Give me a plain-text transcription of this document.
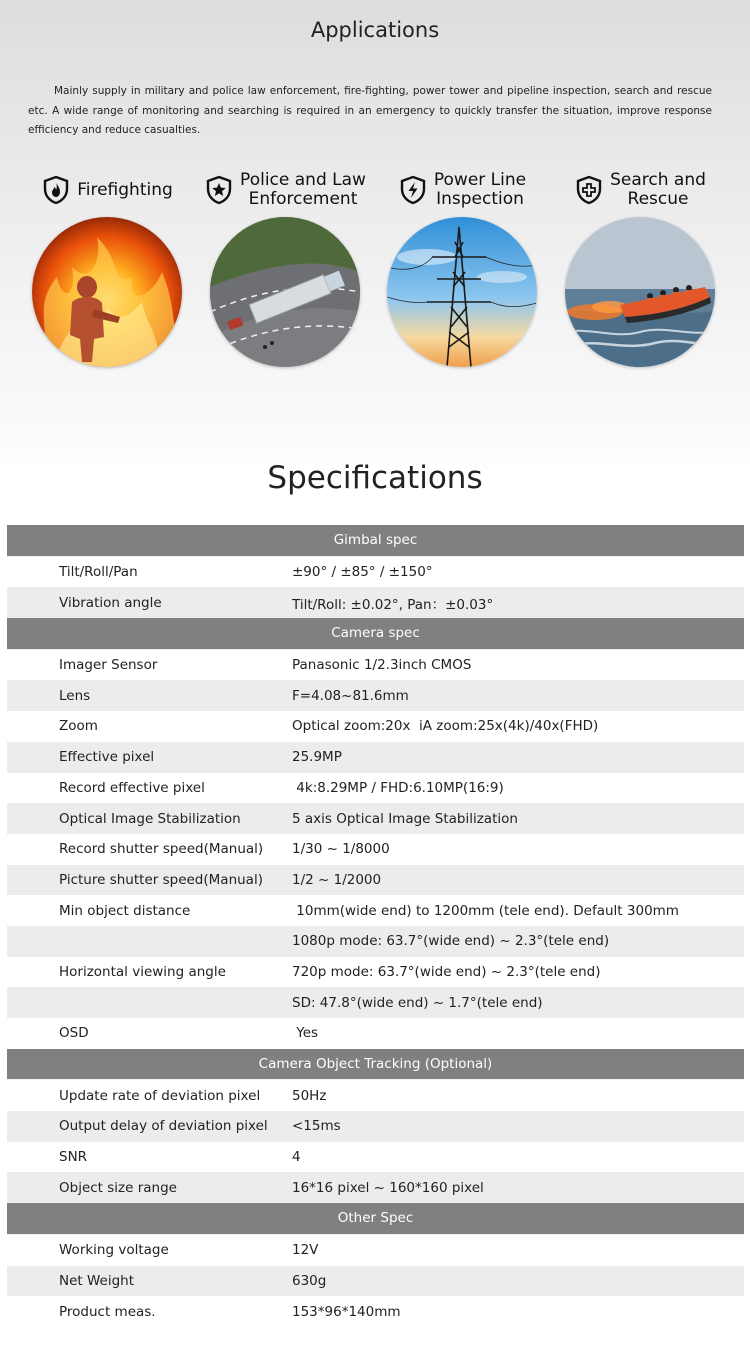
Applications

Mainly supply in military and police law enforcement, fire-fighting, power tower and pipeline inspection, search and rescue etc. A wide range of monitoring and searching is required in an emergency to quickly transfer the situation, improve response efficiency and reduce casualties.

Firefighting	Police and Law
Enforcement
Power Line
Inspection
Search and
Rescue
Specifications
Gimbal spec	
Tilt/Roll/Pan	±90° / ±85° / ±150°
Vibration angle	Tilt/Roll: ±0.02°, Pan：±0.03°
Camera spec	
Imager Sensor	Panasonic 1/2.3inch CMOS
Lens	F=4.08~81.6mm
Zoom	Optical zoom:20x  iA zoom:25x(4k)/40x(FHD)
Effective pixel	25.9MP
Record effective pixel	4k:8.29MP / FHD:6.10MP(16:9)
Optical Image Stabilization	5 axis Optical Image Stabilization
Record shutter speed(Manual)	1/30 ~ 1/8000
Picture shutter speed(Manual)	1/2 ~ 1/2000
Min object distance	10mm(wide end) to 1200mm (tele end). Default 300mm
	1080p mode: 63.7°(wide end) ~ 2.3°(tele end)
Horizontal viewing angle	720p mode: 63.7°(wide end) ~ 2.3°(tele end)
	SD: 47.8°(wide end) ~ 1.7°(tele end)
OSD	Yes
Camera Object Tracking (Optional)	
Update rate of deviation pixel	50Hz
Output delay of deviation pixel	<15ms
SNR	4
Object size range	16*16 pixel ~ 160*160 pixel
Other Spec	
Working voltage	12V
Net Weight	630g
Product meas.	153*96*140mm
